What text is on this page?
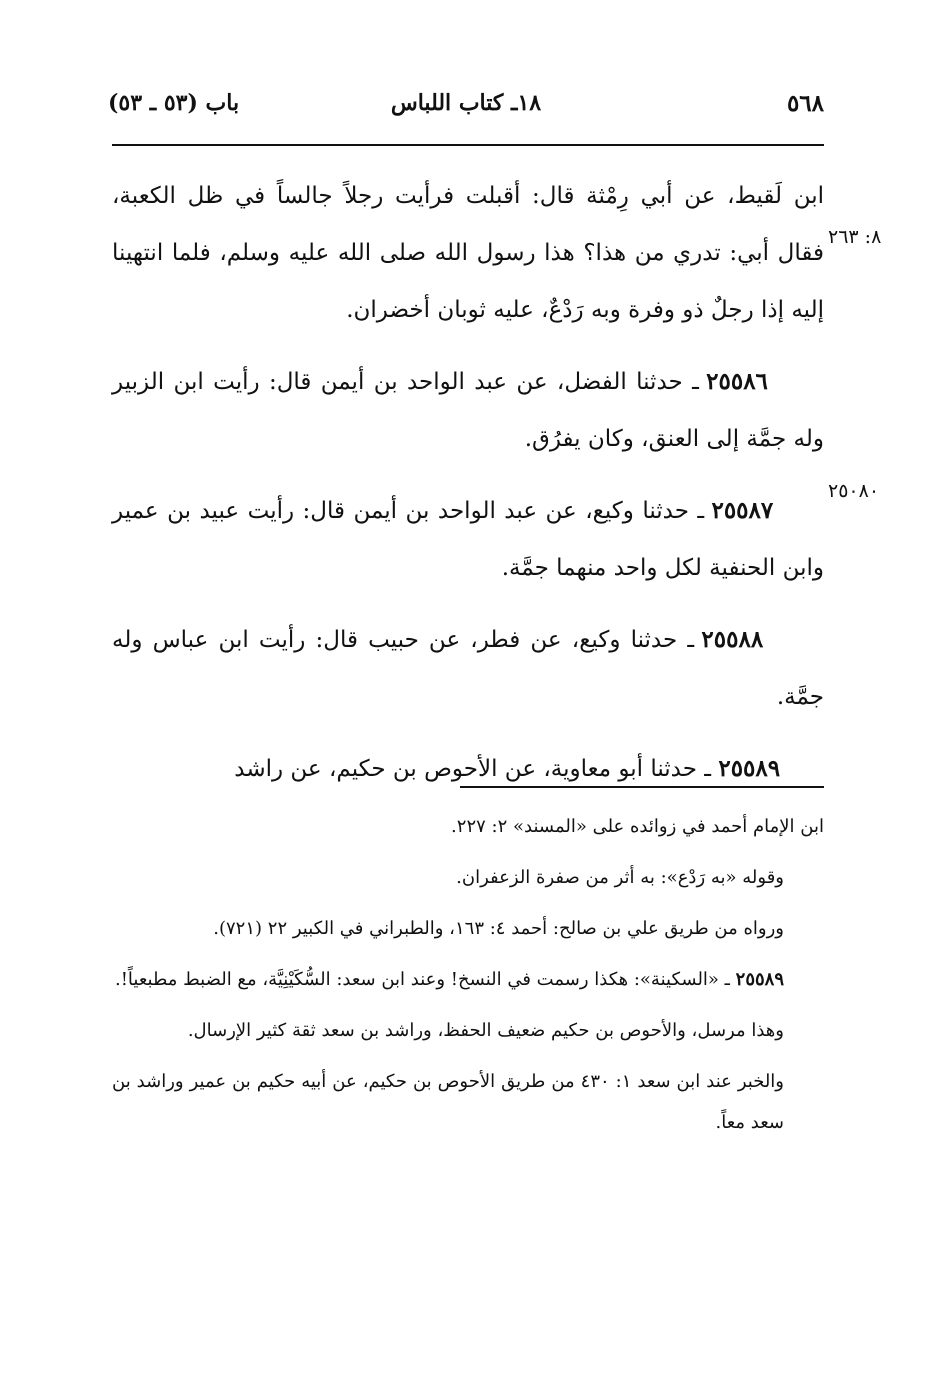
٥٦٨
١٨ـ كتاب اللباس
باب (٥٣ ـ ٥٣)
٨: ٢٦٣
٢٥٠٨٠

ابن لَقيط، عن أبي رِمْثة قال: أقبلت فرأيت رجلاً جالساً في ظل الكعبة، فقال أبي: تدري من هذا؟ هذا رسول الله صلى الله عليه وسلم، فلما انتهينا إليه إذا رجلٌ ذو وفرة وبه رَدْعٌ، عليه ثوبان أخضران.

٢٥٥٨٦ ـ حدثنا الفضل، عن عبد الواحد بن أيمن قال: رأيت ابن الزبير وله جمَّة إلى العنق، وكان يفرُق.

٢٥٥٨٧ ـ حدثنا وكيع، عن عبد الواحد بن أيمن قال: رأيت عبيد بن عمير وابن الحنفية لكل واحد منهما جمَّة.

٢٥٥٨٨ ـ حدثنا وكيع، عن فطر، عن حبيب قال: رأيت ابن عباس وله جمَّة.

٢٥٥٨٩ ـ حدثنا أبو معاوية، عن الأحوص بن حكيم، عن راشد

ابن الإمام أحمد في زوائده على «المسند» ٢: ٢٢٧.

وقوله «به رَدْع»: به أثر من صفرة الزعفران.

ورواه من طريق علي بن صالح: أحمد ٤: ١٦٣، والطبراني في الكبير ٢٢ (٧٢١).

٢٥٥٨٩ ـ «السكينة»: هكذا رسمت في النسخ! وعند ابن سعد: السُّكَيْنِيَّة، مع الضبط مطبعياً!.

وهذا مرسل، والأحوص بن حكيم ضعيف الحفظ، وراشد بن سعد ثقة كثير الإرسال.

والخبر عند ابن سعد ١: ٤٣٠ من طريق الأحوص بن حكيم، عن أبيه حكيم بن عمير وراشد بن سعد معاً.
